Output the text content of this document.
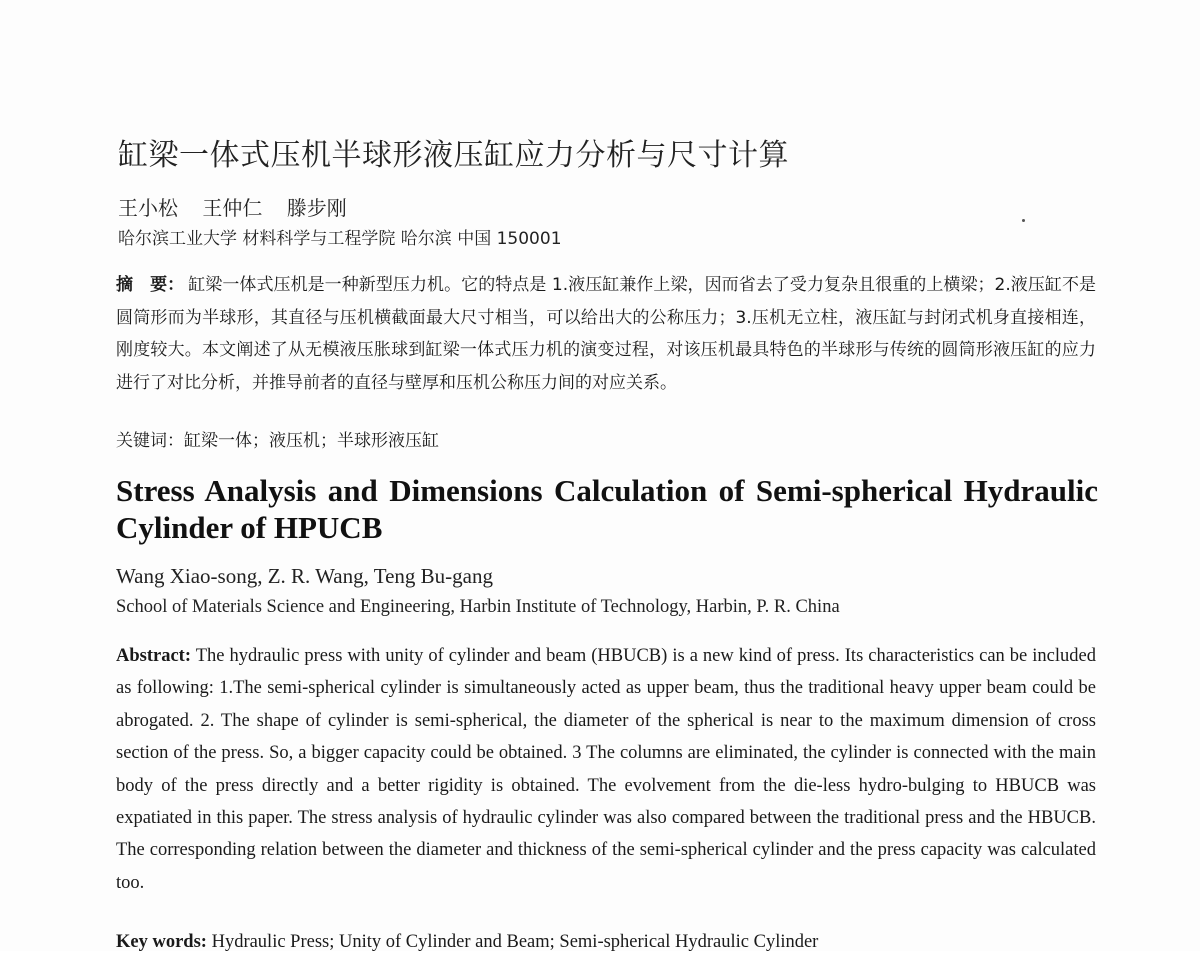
缸梁一体式压机半球形液压缸应力分析与尺寸计算
王小松 王仲仁 滕步刚
哈尔滨工业大学 材料科学与工程学院 哈尔滨 中国 150001
摘　要： 缸梁一体式压机是一种新型压力机。它的特点是 1.液压缸兼作上梁，因而省去了受力复杂且很重的上横梁；2.液压缸不是圆筒形而为半球形，其直径与压机横截面最大尺寸相当，可以给出大的公称压力；3.压机无立柱，液压缸与封闭式机身直接相连，刚度较大。本文阐述了从无模液压胀球到缸梁一体式压力机的演变过程，对该压机最具特色的半球形与传统的圆筒形液压缸的应力进行了对比分析，并推导前者的直径与壁厚和压机公称压力间的对应关系。
关键词：缸梁一体；液压机；半球形液压缸
Stress Analysis and Dimensions Calculation of Semi-spherical Hydraulic Cylinder of HPUCB
Wang Xiao-song, Z. R. Wang, Teng Bu-gang
School of Materials Science and Engineering, Harbin Institute of Technology, Harbin, P. R. China
Abstract: The hydraulic press with unity of cylinder and beam (HBUCB) is a new kind of press. Its characteristics can be included as following: 1.The semi-spherical cylinder is simultaneously acted as upper beam, thus the traditional heavy upper beam could be abrogated. 2. The shape of cylinder is semi-spherical, the diameter of the spherical is near to the maximum dimension of cross section of the press. So, a bigger capacity could be obtained. 3 The columns are eliminated, the cylinder is connected with the main body of the press directly and a better rigidity is obtained. The evolvement from the die-less hydro-bulging to HBUCB was expatiated in this paper. The stress analysis of hydraulic cylinder was also compared between the traditional press and the HBUCB. The corresponding relation between the diameter and thickness of the semi-spherical cylinder and the press capacity was calculated too.
Key words: Hydraulic Press; Unity of Cylinder and Beam; Semi-spherical Hydraulic Cylinder
